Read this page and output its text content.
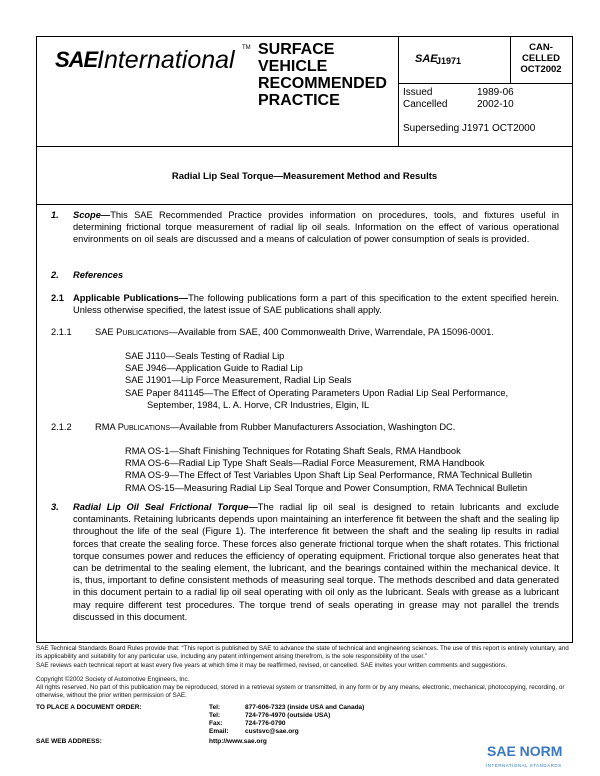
SAE International TM SURFACE
VEHICLE
RECOMMENDED
PRACTICE
SAE
J1971
CAN-
CELLED
OCT2002
Issued	1989-06
Cancelled	2002-10
Superseding J1971 OCT2000
Radial Lip Seal Torque—Measurement Method and Results
1.	Scope—This SAE Recommended Practice provides information on procedures, tools, and fixtures useful in determining frictional torque measurement of radial lip oil seals. Information on the effect of various operational environments on oil seals are discussed and a means of calculation of power consumption of seals is provided.
2.	References
2.1 Applicable Publications—The following publications form a part of this specification to the extent specified herein. Unless otherwise specified, the latest issue of SAE publications shall apply.
2.1.1	SAE Publications—Available from SAE, 400 Commonwealth Drive, Warrendale, PA 15096-0001.
SAE J110—Seals Testing of Radial Lip
SAE J946—Application Guide to Radial Lip
SAE J1901—Lip Force Measurement, Radial Lip Seals
SAE Paper 841145—The Effect of Operating Parameters Upon Radial Lip Seal Performance, September, 1984, L. A. Horve, CR Industries, Elgin, IL
2.1.2	RMA Publications—Available from Rubber Manufacturers Association, Washington DC.
RMA OS-1—Shaft Finishing Techniques for Rotating Shaft Seals, RMA Handbook
RMA OS-6—Radial Lip Type Shaft Seals—Radial Force Measurement, RMA Handbook
RMA OS-9—The Effect of Test Variables Upon Shaft Lip Seal Performance, RMA Technical Bulletin
RMA OS-15—Measuring Radial Lip Seal Torque and Power Consumption, RMA Technical Bulletin
3.	Radial Lip Oil Seal Frictional Torque—The radial lip oil seal is designed to retain lubricants and exclude contaminants. Retaining lubricants depends upon maintaining an interference fit between the shaft and the sealing lip throughout the life of the seal (Figure 1). The interference fit between the shaft and the sealing lip results in radial forces that create the sealing force. These forces also generate frictional torque when the shaft rotates. This frictional torque consumes power and reduces the efficiency of operating equipment. Frictional torque also generates heat that can be detrimental to the sealing element, the lubricant, and the bearings contained within the mechanical device. It is, thus, important to define consistent methods of measuring seal torque. The methods described and data generated in this document pertain to a radial lip oil seal operating with oil only as the lubricant. Seals with grease as a lubricant may require different test procedures. The torque trend of seals operating in grease may not parallel the trends discussed in this document.
SAE Technical Standards Board Rules provide that: “This report is published by SAE to advance the state of technical and engineering sciences. The use of this report is entirely voluntary, and its applicability and suitability for any particular use, including any patent infringement arising therefrom, is the sole responsibility of the user.”
SAE reviews each technical report at least every five years at which time it may be reaffirmed, revised, or cancelled. SAE invites your written comments and suggestions.
Copyright ©2002 Society of Automotive Engineers, Inc.
All rights reserved. No part of this publication may be reproduced, stored in a retrieval system or transmitted, in any form or by any means, electronic, mechanical, photocopying, recording, or otherwise, without the prior written permission of SAE.
TO PLACE A DOCUMENT ORDER:	Tel:	877-606-7323 (inside USA and Canada)
Tel:	724-776-4970 (outside USA)
Fax:	724-776-0790
Email:	custsvc@sae.org
SAE WEB ADDRESS:	http://www.sae.org
SAE NORM
INTERNATIONAL STANDARDS
